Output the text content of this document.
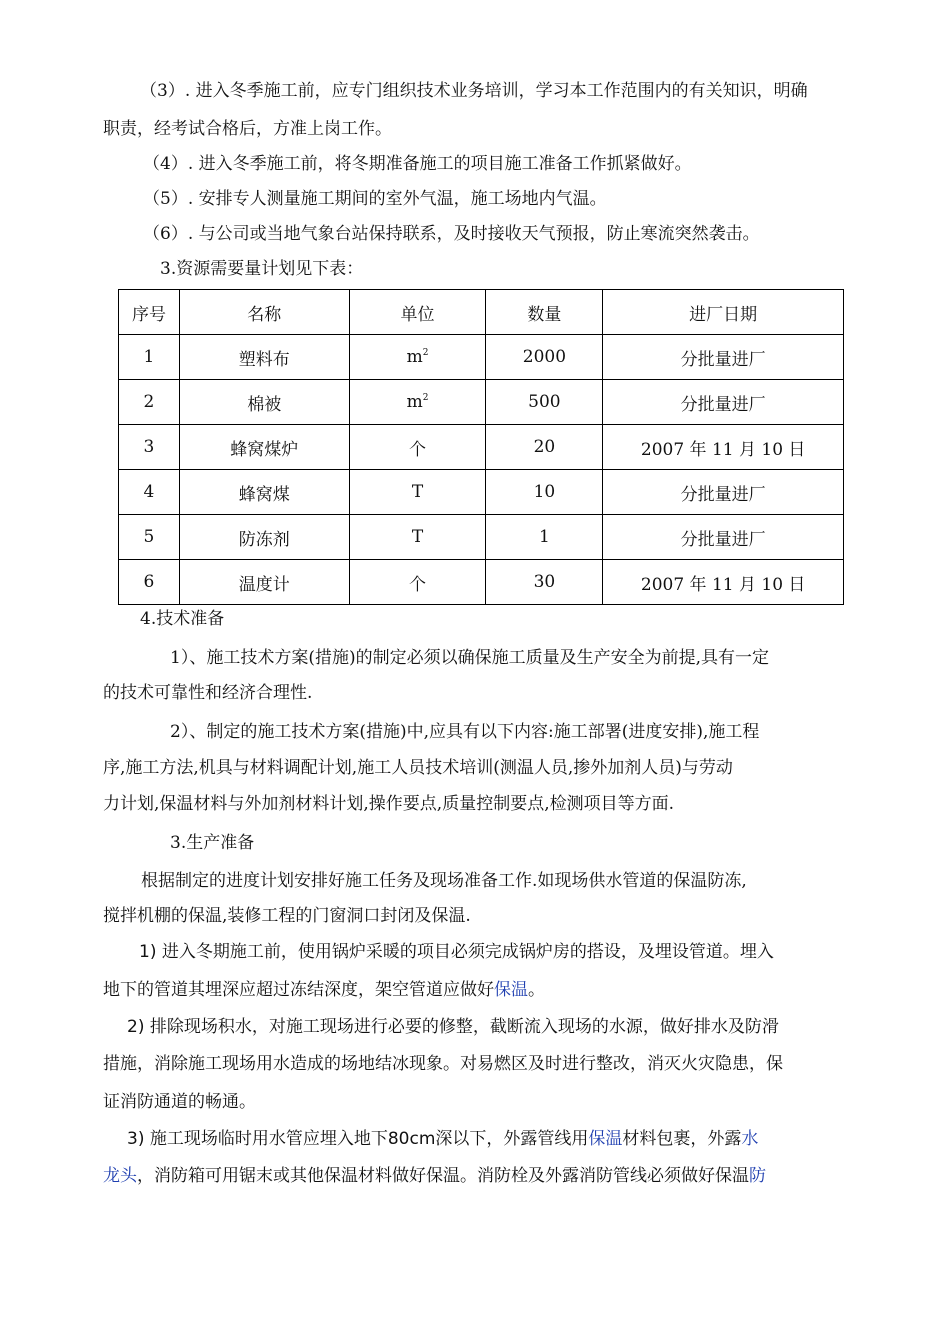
（3）. 进入冬季施工前，应专门组织技术业务培训，学习本工作范围内的有关知识，明确
职责，经考试合格后，方准上岗工作。
（4）. 进入冬季施工前，将冬期准备施工的项目施工准备工作抓紧做好。
（5）. 安排专人测量施工期间的室外气温，施工场地内气温。
（6）. 与公司或当地气象台站保持联系，及时接收天气预报，防止寒流突然袭击。
3.资源需要量计划见下表：
序号	名称	单位	数量	进厂日期
1	塑料布	$m^2$	2000	分批量进厂
2	棉被	$m^2$	500	分批量进厂
3	蜂窝煤炉	个	20	2007 年 11 月 10 日
4	蜂窝煤	T	10	分批量进厂
5	防冻剂	T	1	分批量进厂
6	温度计	个	30	2007 年 11 月 10 日
4.技术准备
1）、施工技术方案(措施)的制定必须以确保施工质量及生产安全为前提,具有一定
的技术可靠性和经济合理性.
2）、制定的施工技术方案(措施)中,应具有以下内容:施工部署(进度安排),施工程
序,施工方法,机具与材料调配计划,施工人员技术培训(测温人员,掺外加剂人员)与劳动
力计划,保温材料与外加剂材料计划,操作要点,质量控制要点,检测项目等方面.
3.生产准备
根据制定的进度计划安排好施工任务及现场准备工作.如现场供水管道的保温防冻,
搅拌机棚的保温,装修工程的门窗洞口封闭及保温.
1) 进入冬期施工前，使用锅炉采暖的项目必须完成锅炉房的搭设，及埋设管道。埋入
地下的管道其埋深应超过冻结深度，架空管道应做好保温。
2) 排除现场积水，对施工现场进行必要的修整，截断流入现场的水源，做好排水及防滑
措施，消除施工现场用水造成的场地结冰现象。对易燃区及时进行整改，消灭火灾隐患，保
证消防通道的畅通。
3) 施工现场临时用水管应埋入地下80cm深以下，外露管线用保温材料包裹，外露水
龙头，消防箱可用锯末或其他保温材料做好保温。消防栓及外露消防管线必须做好保温防
